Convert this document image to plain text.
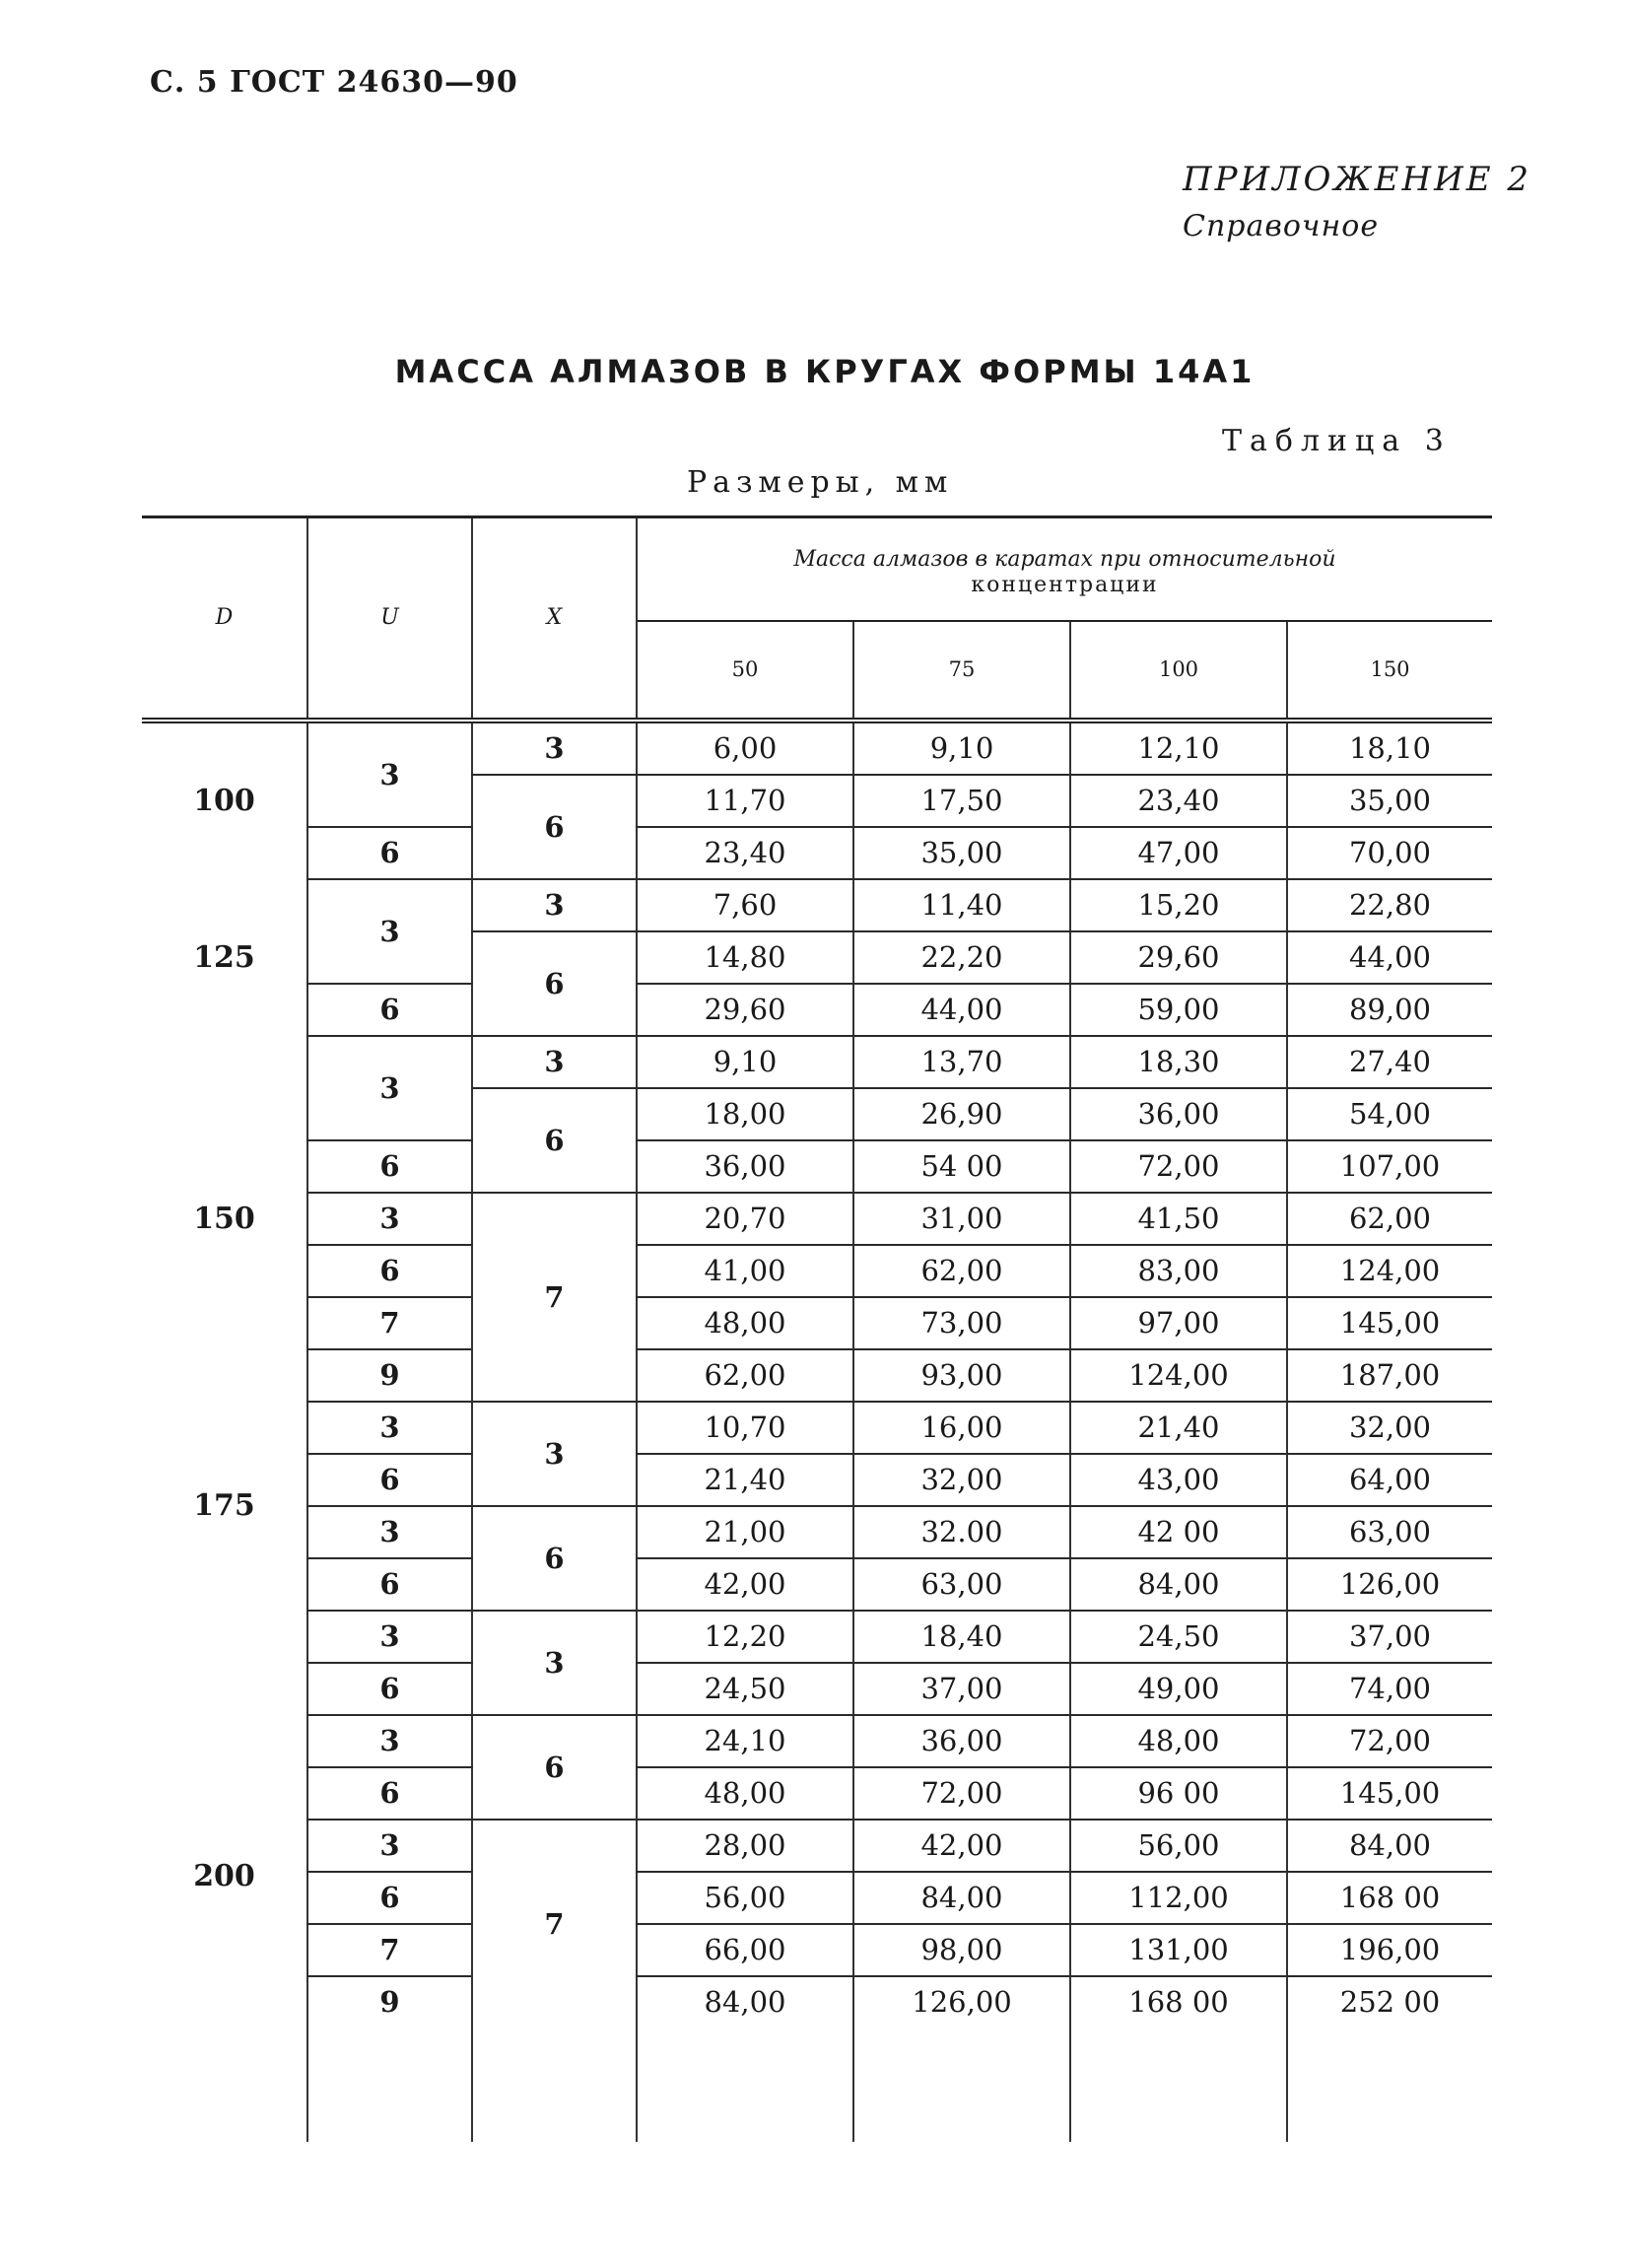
С. 5 ГОСТ 24630—90
ПРИЛОЖЕНИЕ 2
Справочное
МАССА АЛМАЗОВ В КРУГАХ ФОРМЫ 14А1
Таблица 3
Размеры, мм
D	U	X	Масса алмазов в каратах при относительной
концентрации			

			50	75	100	150
100	3	3	6,00	9,10	12,10	18,10
		6	11,70	17,50	23,40	35,00
	6		23,40	35,00	47,00	70,00
125	3	3	7,60	11,40	15,20	22,80
		6	14,80	22,20	29,60	44,00
	6		29,60	44,00	59,00	89,00
150	3	3	9,10	13,70	18,30	27,40
		6	18,00	26,90	36,00	54,00
	6		36,00	54 00	72,00	107,00
	3	7	20,70	31,00	41,50	62,00
	6		41,00	62,00	83,00	124,00
	7		48,00	73,00	97,00	145,00
	9		62,00	93,00	124,00	187,00
175	3	3	10,70	16,00	21,40	32,00
	6		21,40	32,00	43,00	64,00
	3	6	21,00	32.00	42 00	63,00
	6		42,00	63,00	84,00	126,00
200	3	3	12,20	18,40	24,50	37,00
	6		24,50	37,00	49,00	74,00
	3	6	24,10	36,00	48,00	72,00
	6		48,00	72,00	96 00	145,00
	3	7	28,00	42,00	56,00	84,00
	6		56,00	84,00	112,00	168 00
	7		66,00	98,00	131,00	196,00
	9		84,00	126,00	168 00	252 00
